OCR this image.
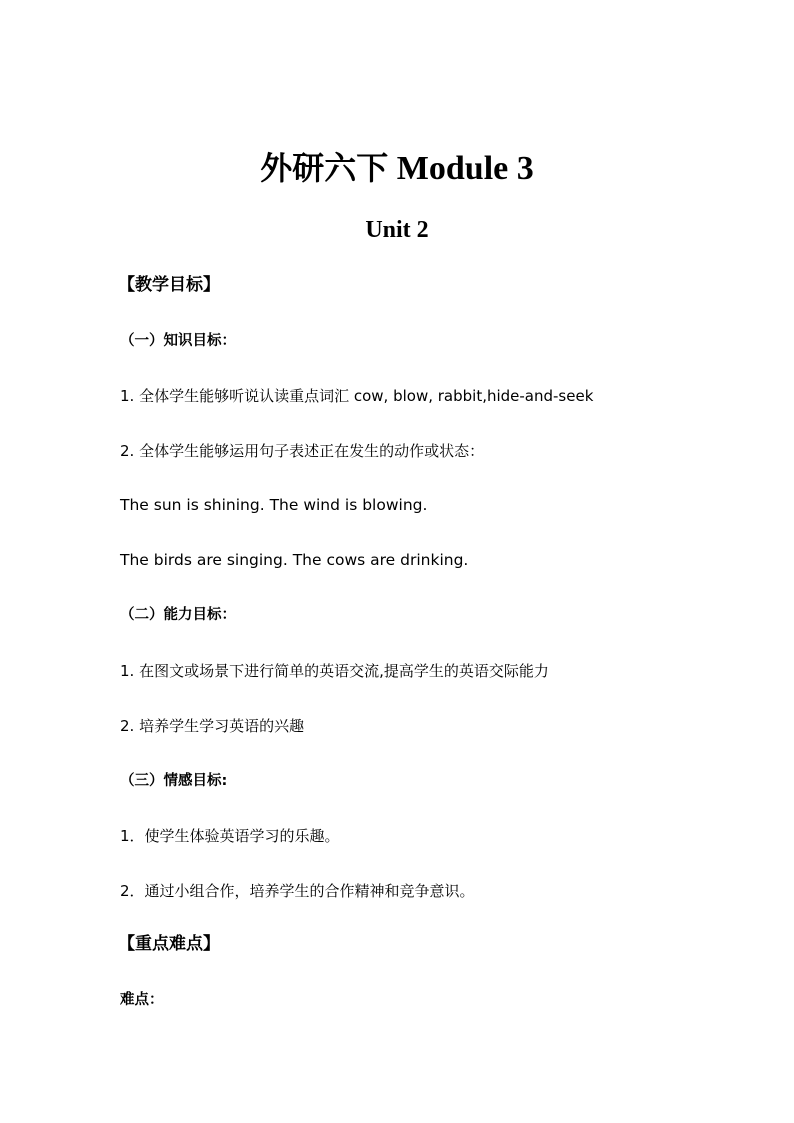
外研六下 Module 3
Unit 2
【教学目标】
（一）知识目标：
1. 全体学生能够听说认读重点词汇 cow, blow, rabbit,hide-and-seek
2. 全体学生能够运用句子表述正在发生的动作或状态：
The sun is shining. The wind is blowing.
The birds are singing. The cows are drinking.
（二）能力目标：
1. 在图文或场景下进行简单的英语交流,提高学生的英语交际能力
2. 培养学生学习英语的兴趣
（三）情感目标:
1．使学生体验英语学习的乐趣。
2．通过小组合作，培养学生的合作精神和竞争意识。
【重点难点】
难点：
